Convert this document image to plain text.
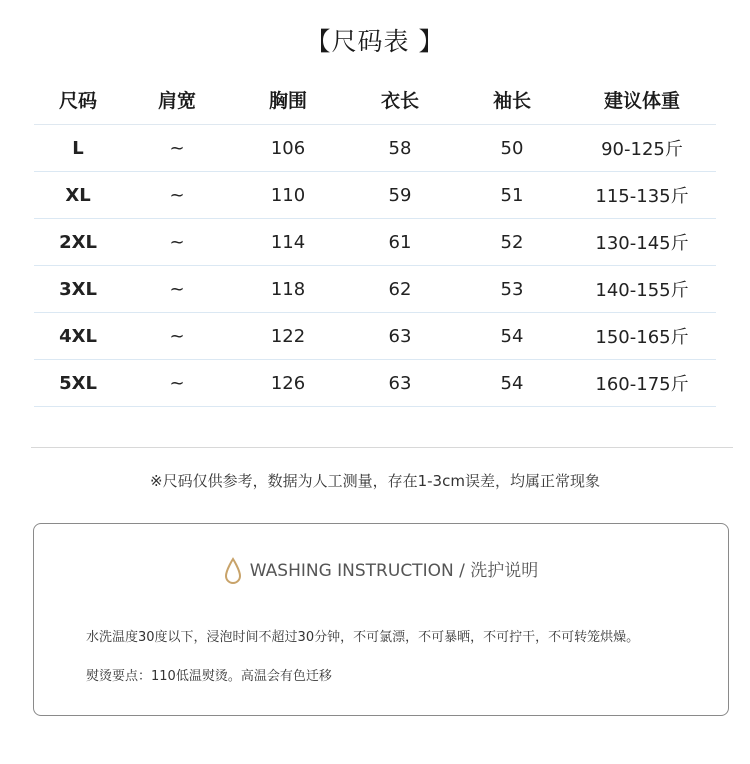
【尺码表 】
尺码	肩宽	胸围	衣长	袖长	建议体重
L	~	106	58	50	90-125斤
XL	~	110	59	51	115-135斤
2XL	~	114	61	52	130-145斤
3XL	~	118	62	53	140-155斤
4XL	~	122	63	54	150-165斤
5XL	~	126	63	54	160-175斤
※尺码仅供参考，数据为人工测量，存在1-3cm误差，均属正常现象
WASHING INSTRUCTION / 洗护说明
水洗温度30度以下，浸泡时间不超过30分钟，不可氯漂，不可暴晒，不可拧干，不可转笼烘燥。
熨烫要点：110低温熨烫。高温会有色迁移
